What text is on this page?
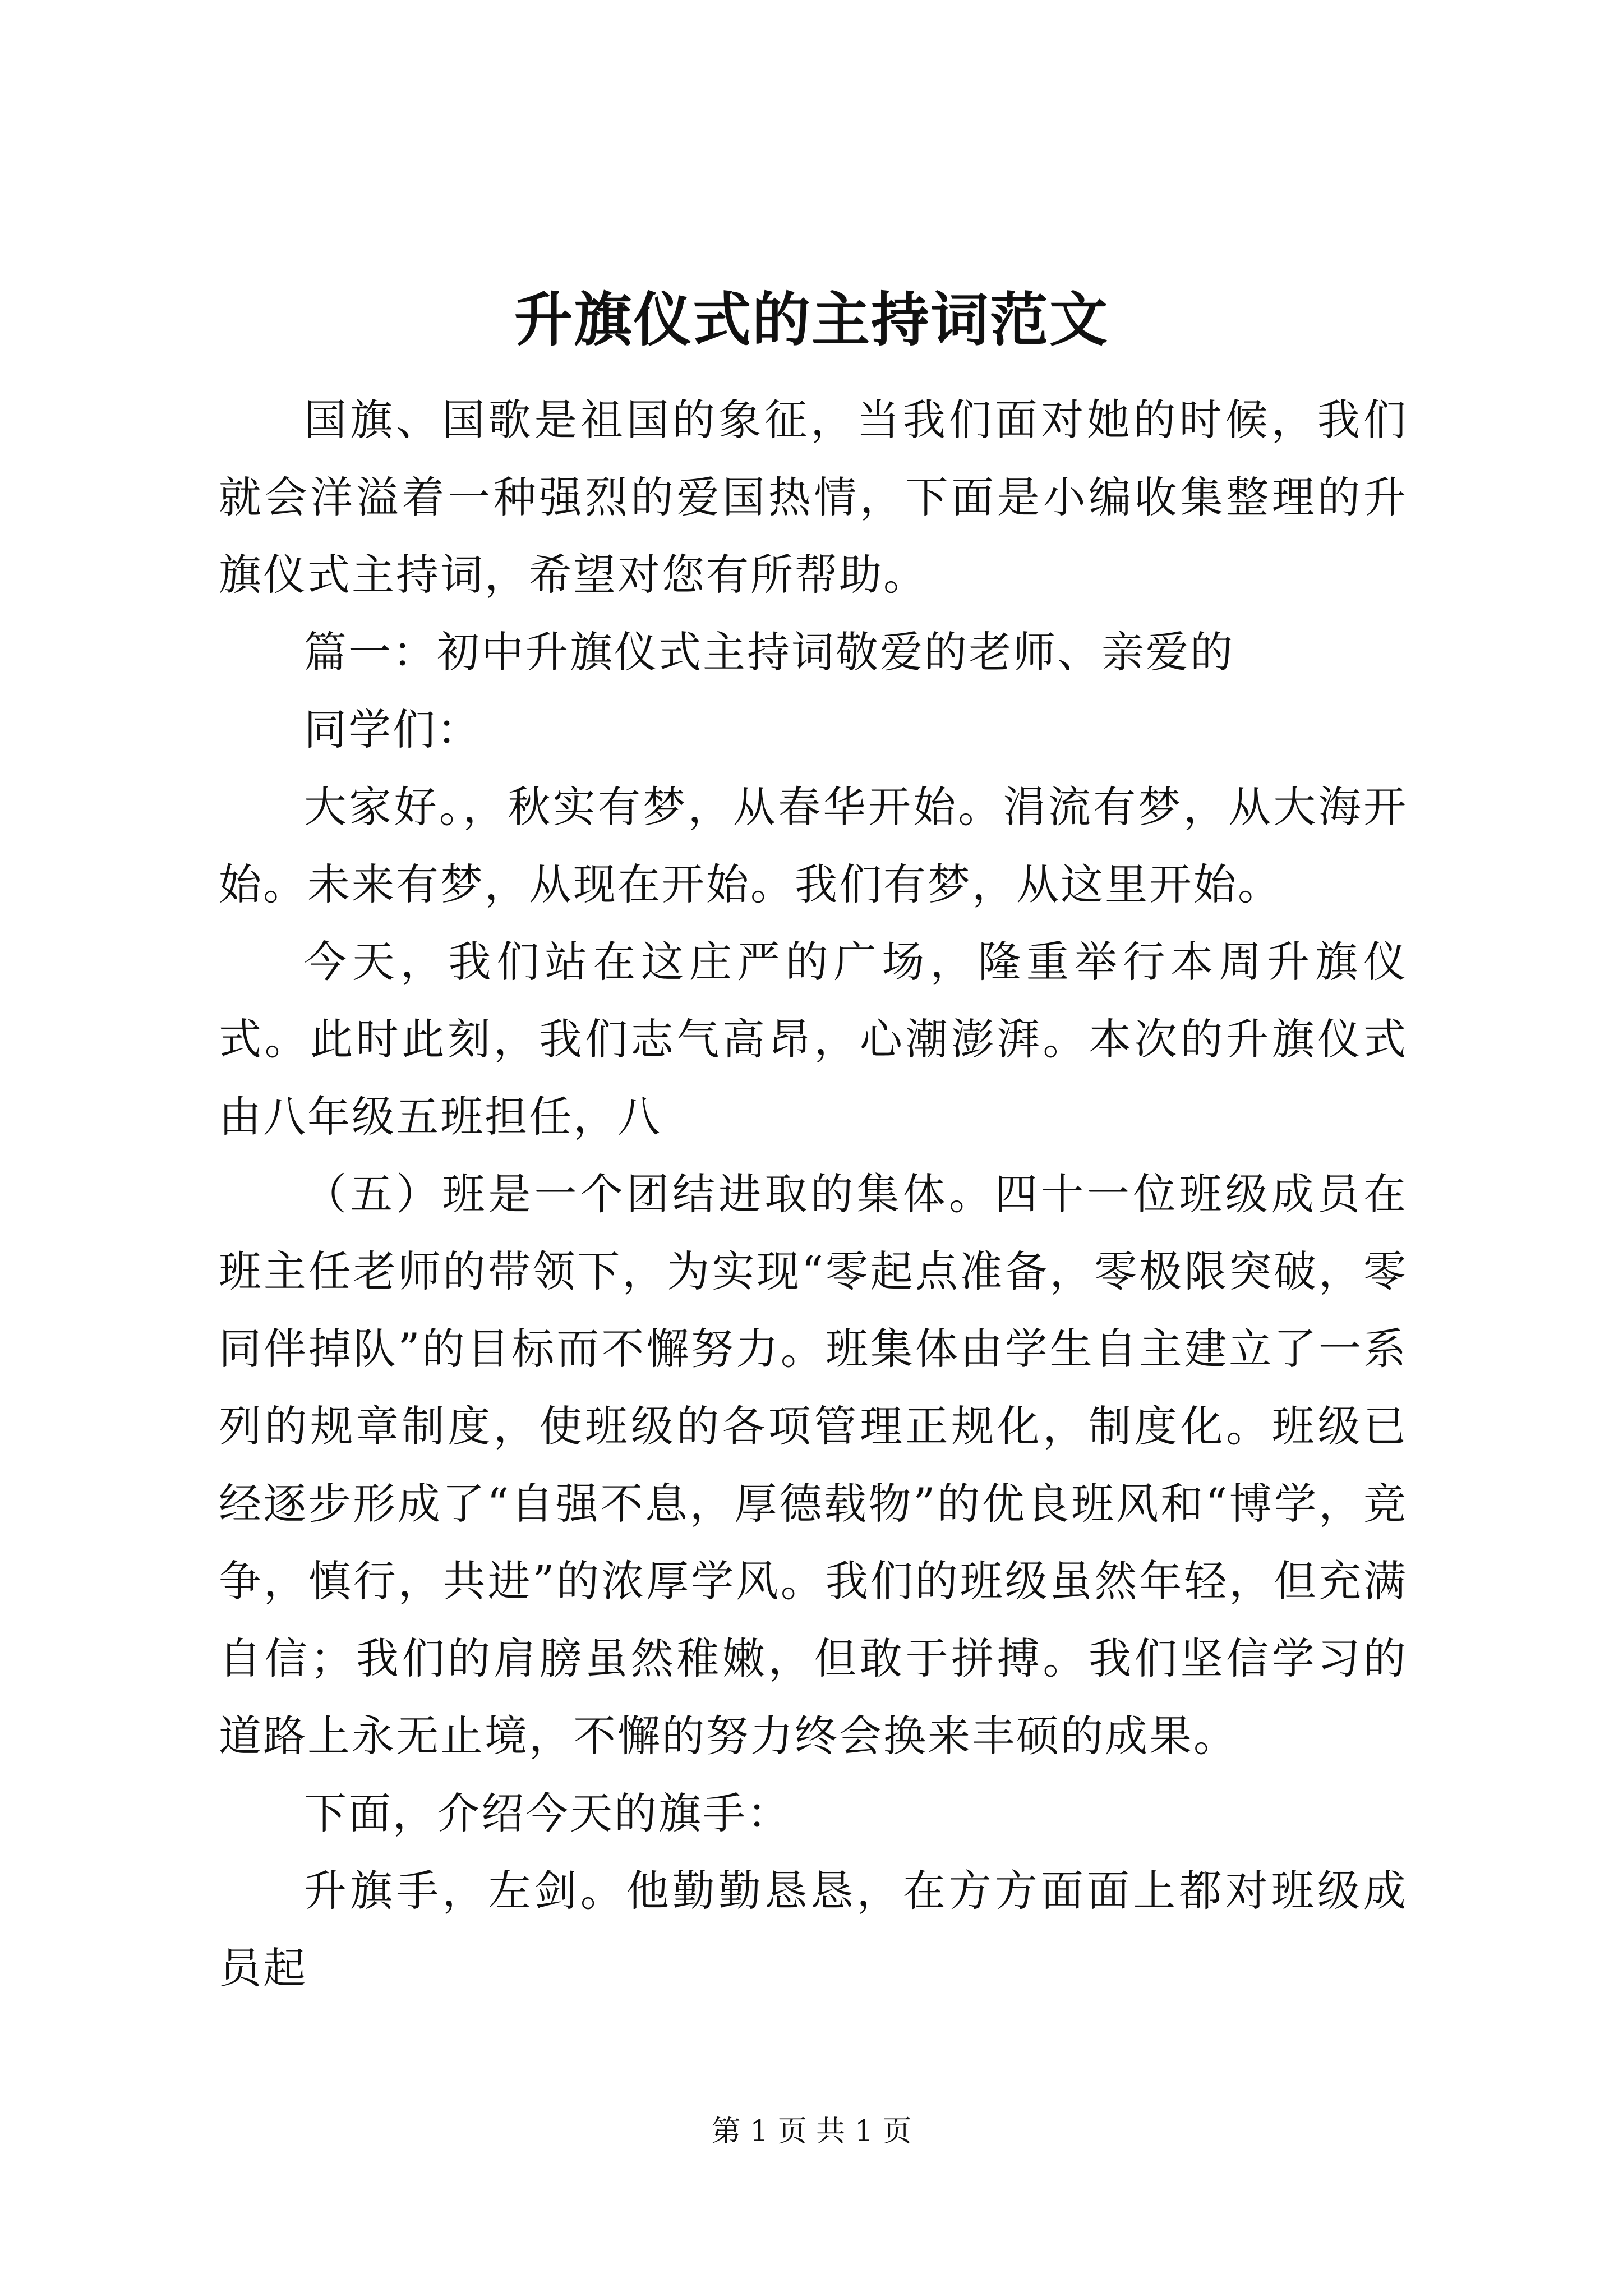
升旗仪式的主持词范文

国旗、国歌是祖国的象征，当我们面对她的时候，我们就会洋溢着一种强烈的爱国热情，下面是小编收集整理的升旗仪式主持词，希望对您有所帮助。

篇一：初中升旗仪式主持词敬爱的老师、亲爱的

同学们：

大家好。，秋实有梦，从春华开始。涓流有梦，从大海开始。未来有梦，从现在开始。我们有梦，从这里开始。

今天，我们站在这庄严的广场，隆重举行本周升旗仪式。此时此刻，我们志气高昂，心潮澎湃。本次的升旗仪式由八年级五班担任，八

（五）班是一个团结进取的集体。四十一位班级成员在班主任老师的带领下，为实现“零起点准备，零极限突破，零同伴掉队”的目标而不懈努力。班集体由学生自主建立了一系列的规章制度，使班级的各项管理正规化，制度化。班级已经逐步形成了“自强不息，厚德载物”的优良班风和“博学，竞争，慎行，共进”的浓厚学风。我们的班级虽然年轻，但充满自信；我们的肩膀虽然稚嫩，但敢于拼搏。我们坚信学习的道路上永无止境，不懈的努力终会换来丰硕的成果。

下面，介绍今天的旗手：

升旗手，左剑。他勤勤恳恳，在方方面面上都对班级成员起

第 1 页 共 1 页
